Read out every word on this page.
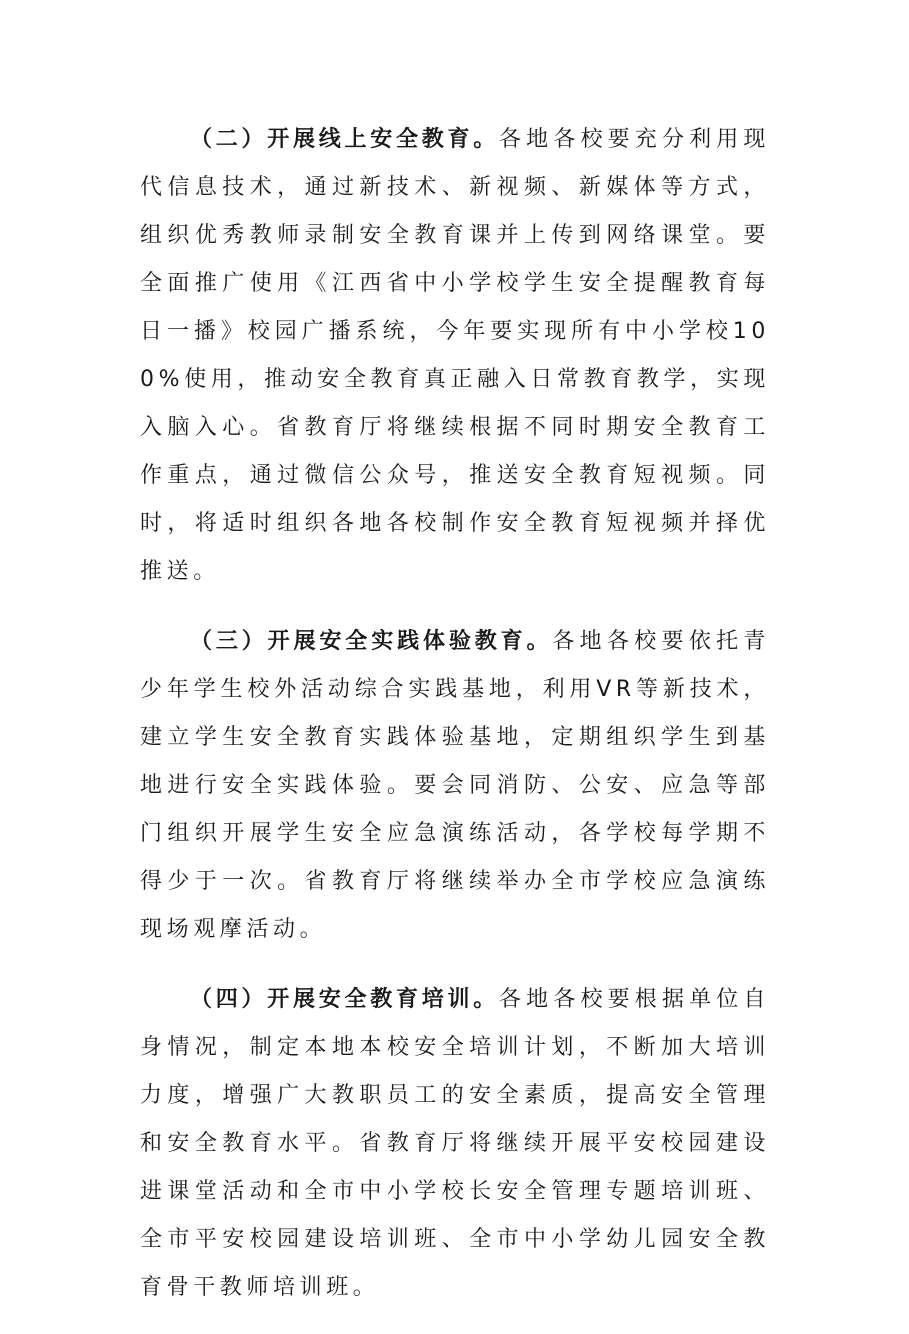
（二）开展线上安全教育。各地各校要充分利用现代信息技术，通过新技术、新视频、新媒体等方式，组织优秀教师录制安全教育课并上传到网络课堂。要全面推广使用《江西省中小学校学生安全提醒教育每日一播》校园广播系统，今年要实现所有中小学校100%使用，推动安全教育真正融入日常教育教学，实现入脑入心。省教育厅将继续根据不同时期安全教育工作重点，通过微信公众号，推送安全教育短视频。同时，将适时组织各地各校制作安全教育短视频并择优推送。

（三）开展安全实践体验教育。各地各校要依托青少年学生校外活动综合实践基地，利用VR等新技术，建立学生安全教育实践体验基地，定期组织学生到基地进行安全实践体验。要会同消防、公安、应急等部门组织开展学生安全应急演练活动，各学校每学期不得少于一次。省教育厅将继续举办全市学校应急演练现场观摩活动。

（四）开展安全教育培训。各地各校要根据单位自身情况，制定本地本校安全培训计划，不断加大培训力度，增强广大教职员工的安全素质，提高安全管理和安全教育水平。省教育厅将继续开展平安校园建设进课堂活动和全市中小学校长安全管理专题培训班、全市平安校园建设培训班、全市中小学幼儿园安全教育骨干教师培训班。
